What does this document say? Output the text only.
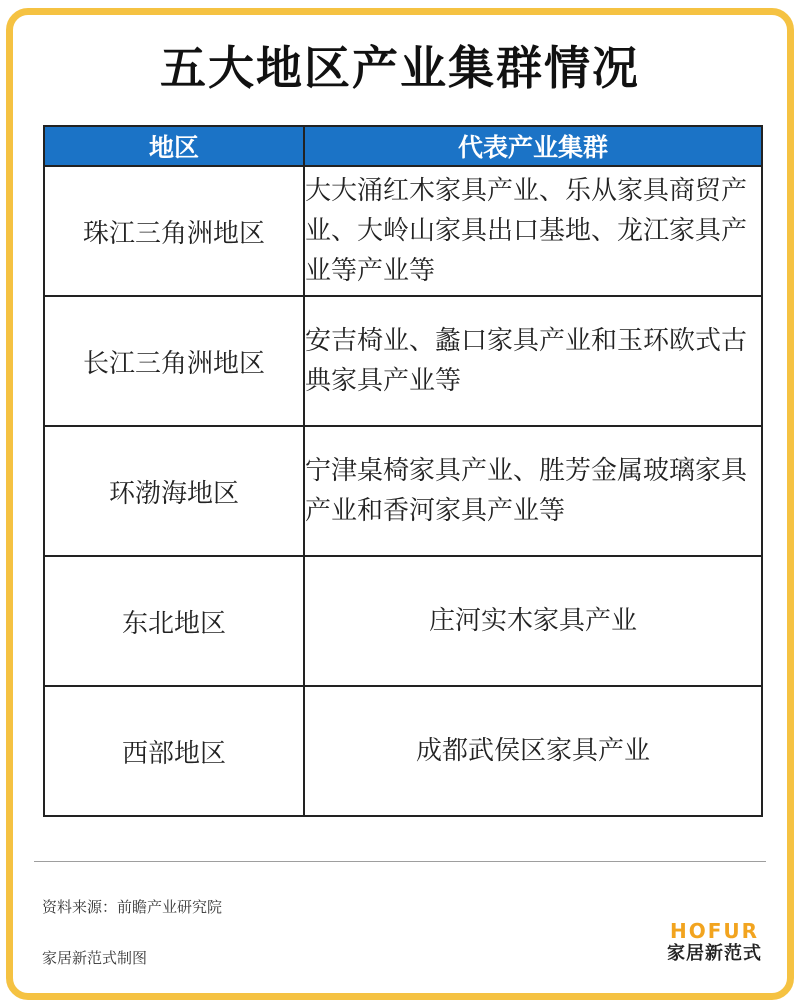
五大地区产业集群情况
地区	代表产业集群
珠江三角洲地区	大大涌红木家具产业、乐从家具商贸产业、大岭山家具出口基地、龙江家具产业等产业等
长江三角洲地区	安吉椅业、蠡口家具产业和玉环欧式古典家具产业等
环渤海地区	宁津桌椅家具产业、胜芳金属玻璃家具产业和香河家具产业等
东北地区	庄河实木家具产业
西部地区	成都武侯区家具产业
资料来源：前瞻产业研究院
家居新范式制图
HOFUR
家居新范式
